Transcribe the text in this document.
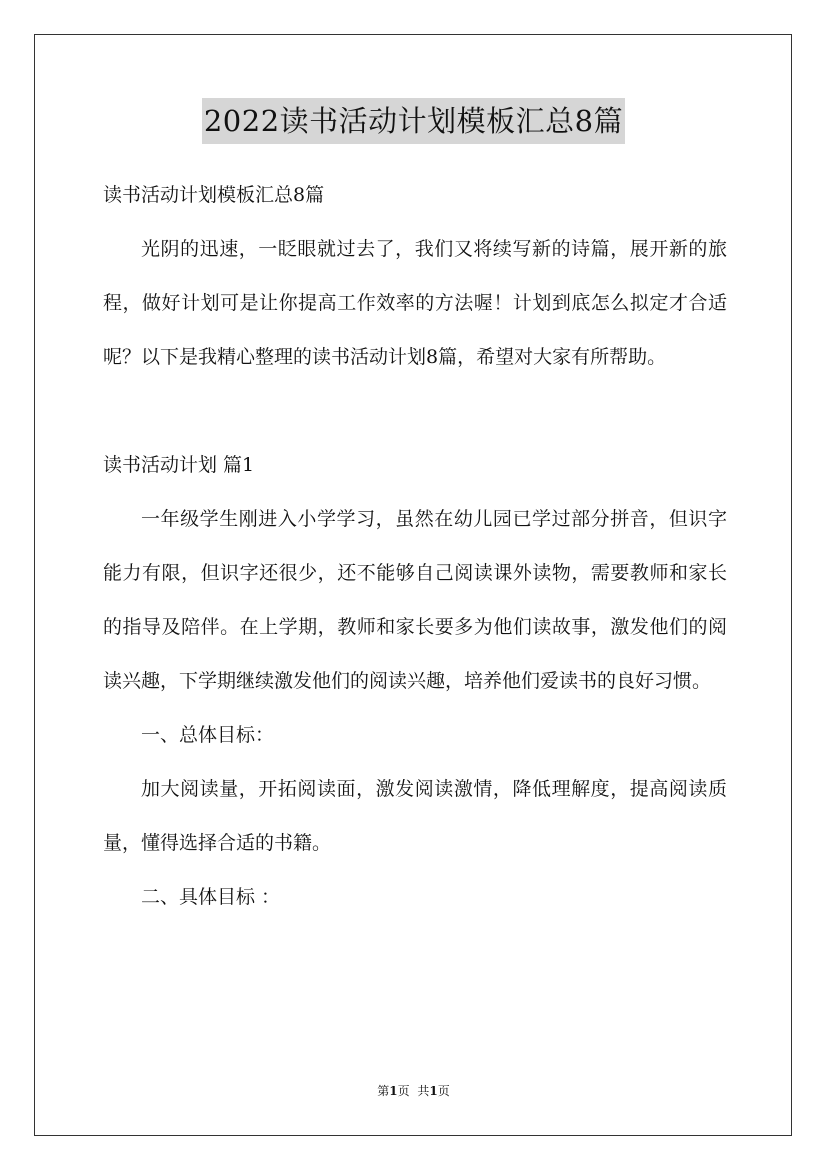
2022读书活动计划模板汇总8篇

读书活动计划模板汇总8篇

光阴的迅速，一眨眼就过去了，我们又将续写新的诗篇，展开新的旅程，做好计划可是让你提高工作效率的方法喔！计划到底怎么拟定才合适呢？以下是我精心整理的读书活动计划8篇，希望对大家有所帮助。

读书活动计划 篇1

一年级学生刚进入小学学习，虽然在幼儿园已学过部分拼音，但识字能力有限，但识字还很少，还不能够自己阅读课外读物，需要教师和家长的指导及陪伴。在上学期，教师和家长要多为他们读故事，激发他们的阅读兴趣，下学期继续激发他们的阅读兴趣，培养他们爱读书的良好习惯。

一、总体目标：

加大阅读量，开拓阅读面，激发阅读激情，降低理解度，提高阅读质量，懂得选择合适的书籍。

二、具体目标 ：

第1页 共1页
